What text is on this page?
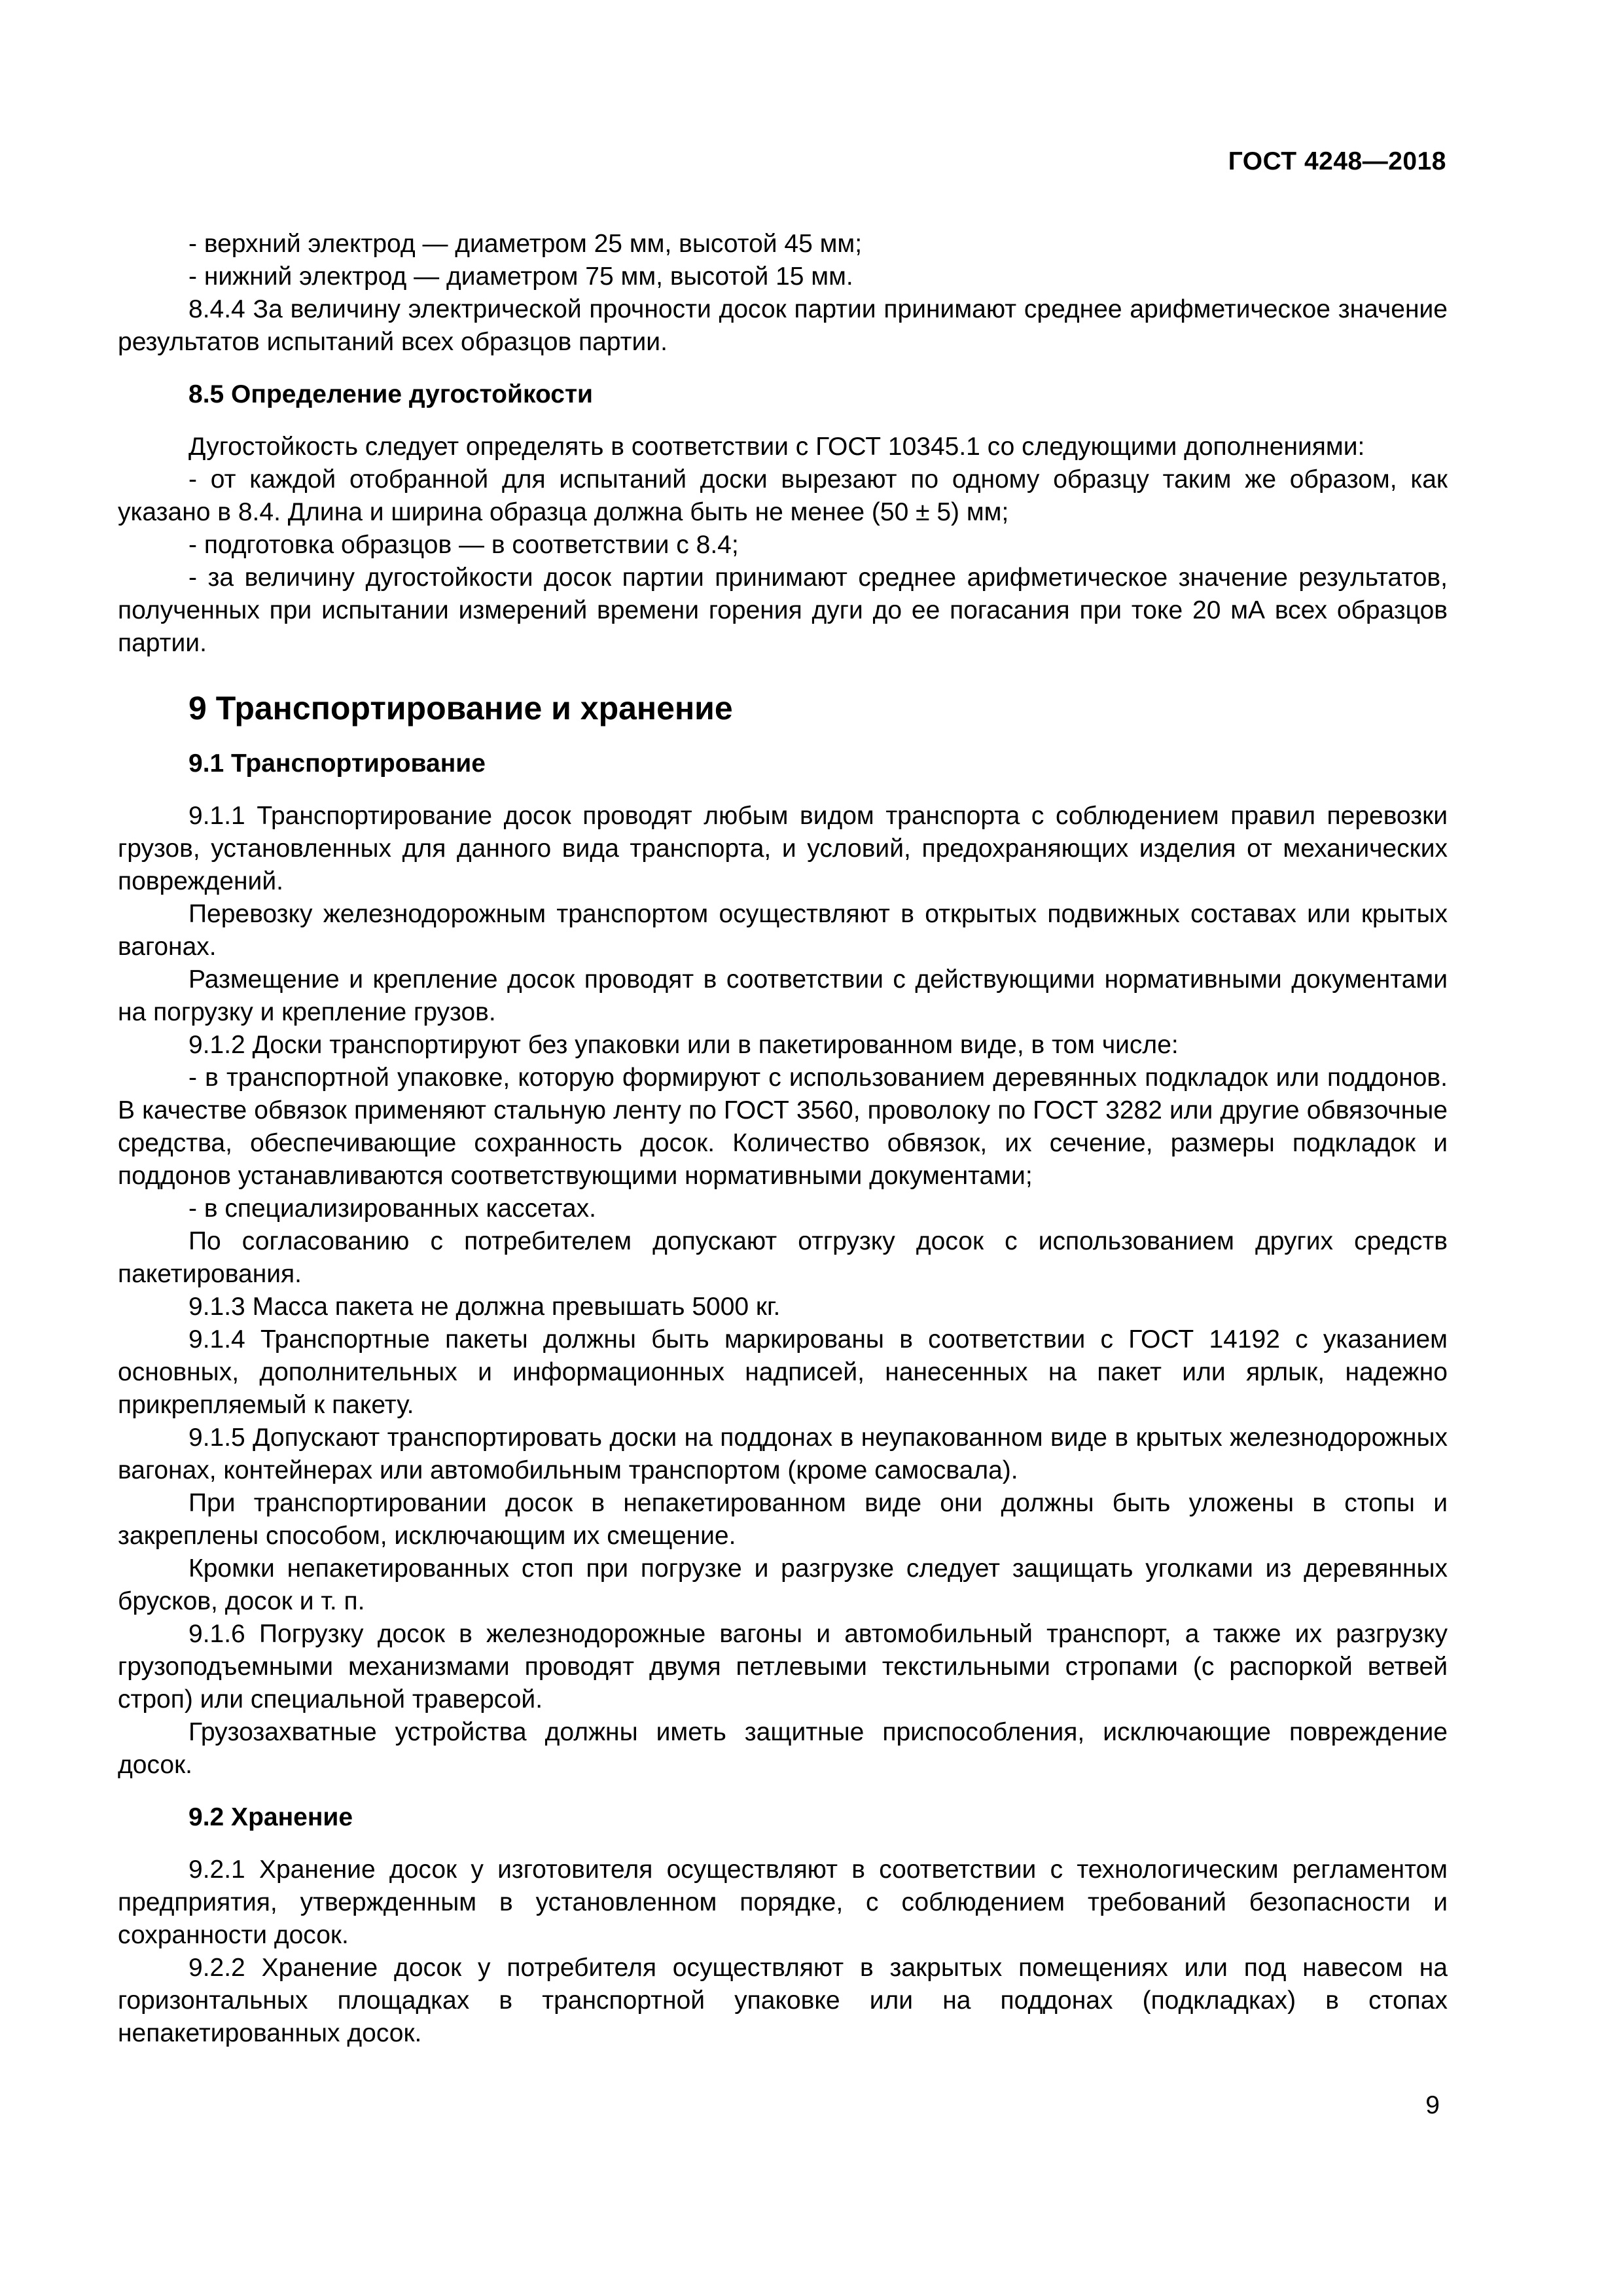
ГОСТ 4248—2018

- верхний электрод — диаметром 25 мм, высотой 45 мм;

- нижний электрод — диаметром 75 мм, высотой 15 мм.

8.4.4 За величину электрической прочности досок партии принимают среднее арифметическое значение результатов испытаний всех образцов партии.

8.5 Определение дугостойкости

Дугостойкость следует определять в соответствии с ГОСТ 10345.1 со следующими дополнениями:

- от каждой отобранной для испытаний доски вырезают по одному образцу таким же образом, как указано в 8.4. Длина и ширина образца должна быть не менее (50 ± 5) мм;

- подготовка образцов — в соответствии с 8.4;

- за величину дугостойкости досок партии принимают среднее арифметическое значение результатов, полученных при испытании измерений времени горения дуги до ее погасания при токе 20 мА всех образцов партии.

9 Транспортирование и хранение
9.1 Транспортирование

9.1.1 Транспортирование досок проводят любым видом транспорта с соблюдением правил перевозки грузов, установленных для данного вида транспорта, и условий, предохраняющих изделия от механических повреждений.

Перевозку железнодорожным транспортом осуществляют в открытых подвижных составах или крытых вагонах.

Размещение и крепление досок проводят в соответствии с действующими нормативными документами на погрузку и крепление грузов.

9.1.2 Доски транспортируют без упаковки или в пакетированном виде, в том числе:

- в транспортной упаковке, которую формируют с использованием деревянных подкладок или поддонов. В качестве обвязок применяют стальную ленту по ГОСТ 3560, проволоку по ГОСТ 3282 или другие обвязочные средства, обеспечивающие сохранность досок. Количество обвязок, их сечение, размеры подкладок и поддонов устанавливаются соответствующими нормативными документами;

- в специализированных кассетах.

По согласованию с потребителем допускают отгрузку досок с использованием других средств пакетирования.

9.1.3 Масса пакета не должна превышать 5000 кг.

9.1.4 Транспортные пакеты должны быть маркированы в соответствии с ГОСТ 14192 с указанием основных, дополнительных и информационных надписей, нанесенных на пакет или ярлык, надежно прикрепляемый к пакету.

9.1.5 Допускают транспортировать доски на поддонах в неупакованном виде в крытых железнодорожных вагонах, контейнерах или автомобильным транспортом (кроме самосвала).

При транспортировании досок в непакетированном виде они должны быть уложены в стопы и закреплены способом, исключающим их смещение.

Кромки непакетированных стоп при погрузке и разгрузке следует защищать уголками из деревянных брусков, досок и т. п.

9.1.6 Погрузку досок в железнодорожные вагоны и автомобильный транспорт, а также их разгрузку грузоподъемными механизмами проводят двумя петлевыми текстильными стропами (с распоркой ветвей строп) или специальной траверсой.

Грузозахватные устройства должны иметь защитные приспособления, исключающие повреждение досок.

9.2 Хранение

9.2.1 Хранение досок у изготовителя осуществляют в соответствии с технологическим регламентом предприятия, утвержденным в установленном порядке, с соблюдением требований безопасности и сохранности досок.

9.2.2 Хранение досок у потребителя осуществляют в закрытых помещениях или под навесом на горизонтальных площадках в транспортной упаковке или на поддонах (подкладках) в стопах непакетированных досок.

9
